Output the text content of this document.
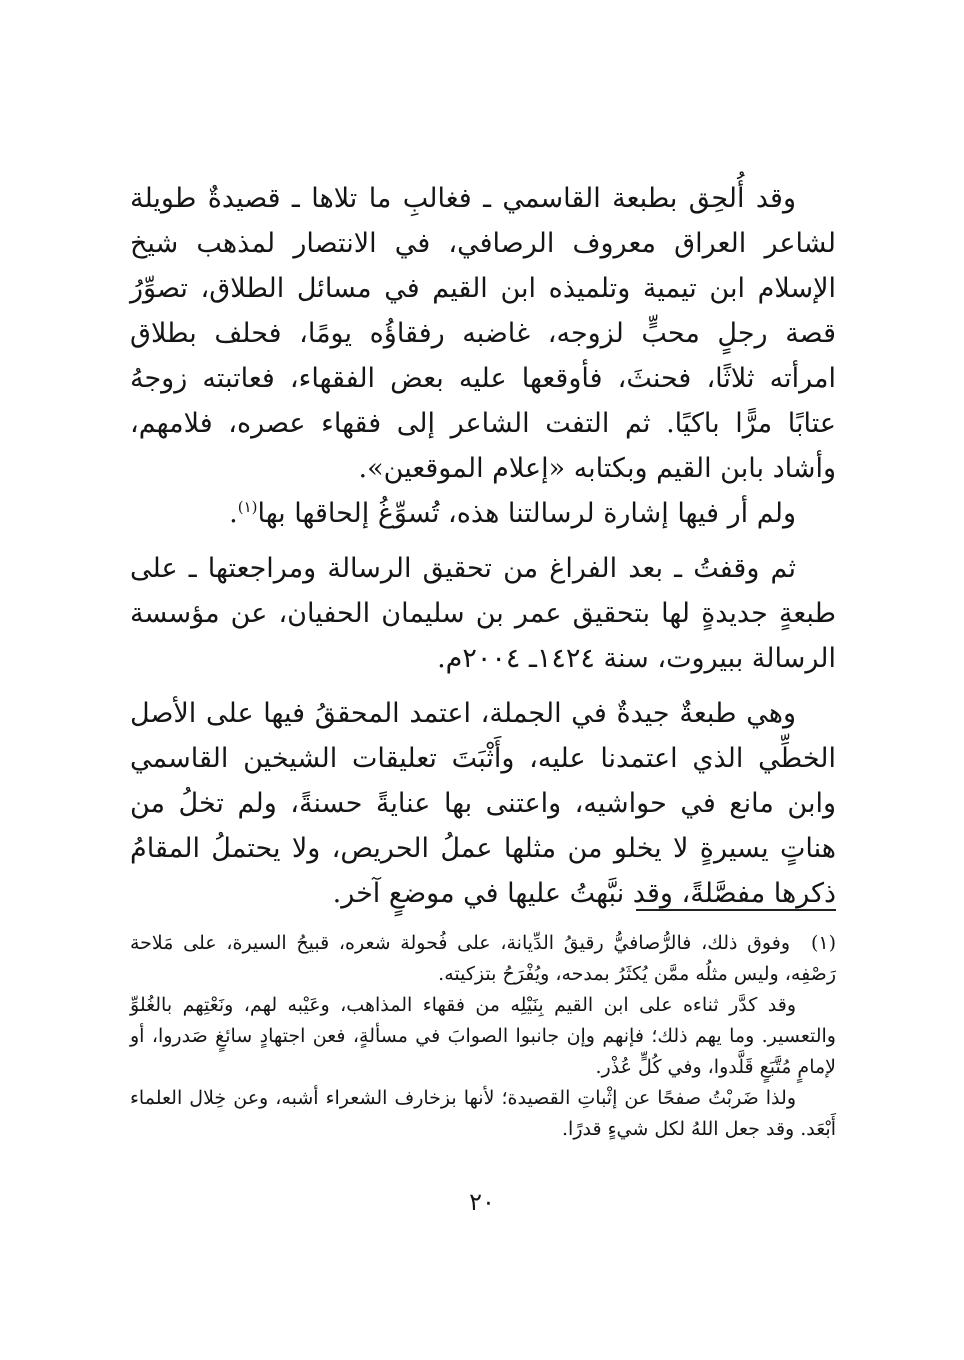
وقد أُلحِق بطبعة القاسمي ـ فغالبِ ما تلاها ـ قصيدةٌ طويلة لشاعر العراق معروف الرصافي، في الانتصار لمذهب شيخ الإسلام ابن تيمية وتلميذه ابن القيم في مسائل الطلاق، تصوِّرُ قصة رجلٍ محبٍّ لزوجه، غاضبه رفقاؤُه يومًا، فحلف بطلاق امرأته ثلاثًا، فحنثَ، فأوقعها عليه بعض الفقهاء، فعاتبته زوجهُ عتابًا مرًّا باكيًا. ثم التفت الشاعر إلى فقهاء عصره، فلامهم، وأشاد بابن القيم وبكتابه «إعلام الموقعين».

ولم أر فيها إشارة لرسالتنا هذه، تُسوِّغُ إلحاقها بها$^{(١)}$.

ثم وقفتُ ـ بعد الفراغ من تحقيق الرسالة ومراجعتها ـ على طبعةٍ جديدةٍ لها بتحقيق عمر بن سليمان الحفيان، عن مؤسسة الرسالة ببيروت، سنة ١٤٢٤ـ ٢٠٠٤م.

وهي طبعةٌ جيدةٌ في الجملة، اعتمد المحققُ فيها على الأصل الخطِّي الذي اعتمدنا عليه، وأَثْبَتَ تعليقات الشيخين القاسمي وابن مانع في حواشيه، واعتنى بها عنايةً حسنةً، ولم تخلُ من هناتٍ يسيرةٍ لا يخلو من مثلها عملُ الحريص، ولا يحتملُ المقامُ ذكرها مفصَّلةً، وقد نبَّهتُ عليها في موضعٍ آخر.

(١)وفوق ذلك، فالرُّصافيُّ رقيقُ الدِّيانة، على فُحولة شعره، قبيحُ السيرة، على مَلاحة رَصْفِه، وليس مثلُه ممَّن يُكثَرُ بمدحه، ويُفْرَحُ بتزكيته.

وقد كدَّر ثناءه على ابن القيم بِنَيْلِه من فقهاء المذاهب، وعَيْبه لهم، ونَعْتِهم بالغُلوِّ والتعسير. وما يهم ذلك؛ فإنهم وإن جانبوا الصوابَ في مسألةٍ، فعن اجتهادٍ سائغٍ صَدروا، أو لإمامٍ مُتَّبَعٍ قَلَّدوا، وفي كُلٍّ عُذْر.

ولذا ضَربْتُ صفحًا عن إثْباتِ القصيدة؛ لأنها بزخارف الشعراء أشبه، وعن خِلال العلماء أَبْعَد. وقد جعل اللهُ لكل شيءٍ قدرًا.

٢٠
